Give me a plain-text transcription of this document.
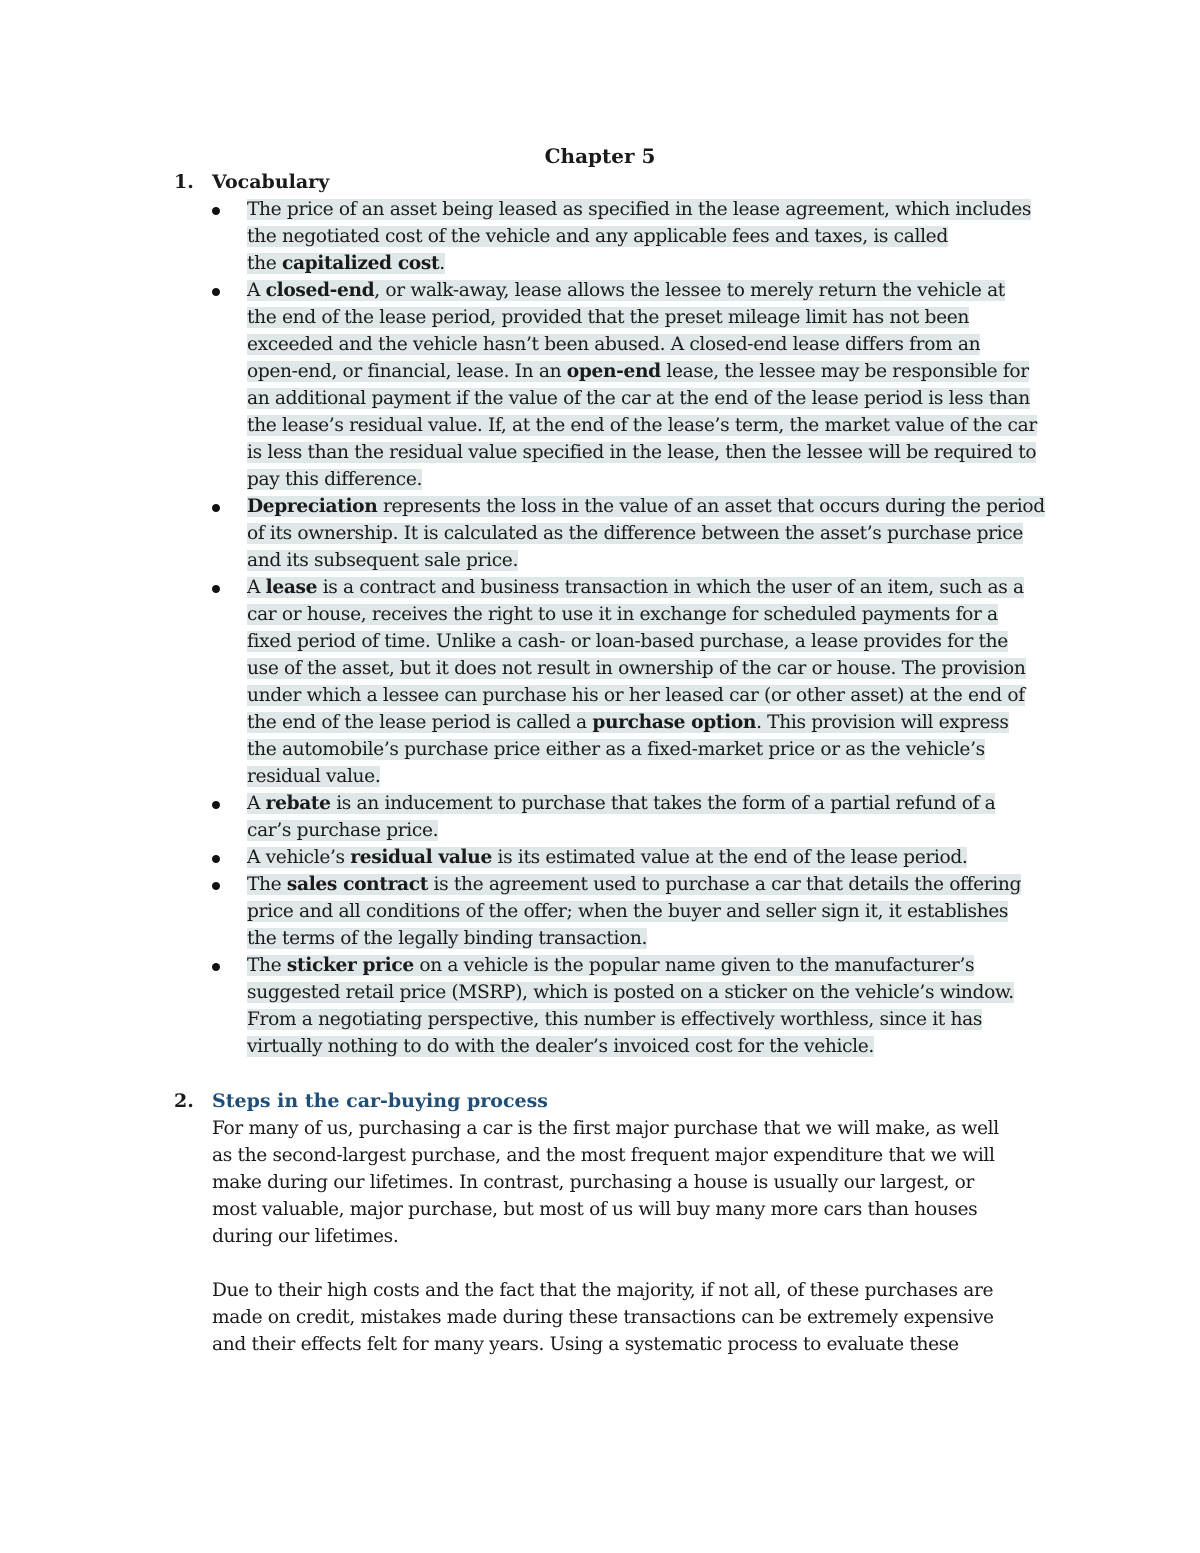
Chapter 5
1. Vocabulary
The price of an asset being leased as specified in the lease agreement, which includes
the negotiated cost of the vehicle and any applicable fees and taxes, is called
the capitalized cost.
A closed-end, or walk-away, lease allows the lessee to merely return the vehicle at
the end of the lease period, provided that the preset mileage limit has not been
exceeded and the vehicle hasn’t been abused. A closed-end lease differs from an
open-end, or financial, lease. In an open-end lease, the lessee may be responsible for
an additional payment if the value of the car at the end of the lease period is less than
the lease’s residual value. If, at the end of the lease’s term, the market value of the car
is less than the residual value specified in the lease, then the lessee will be required to
pay this difference.
Depreciation represents the loss in the value of an asset that occurs during the period
of its ownership. It is calculated as the difference between the asset’s purchase price
and its subsequent sale price.
A lease is a contract and business transaction in which the user of an item, such as a
car or house, receives the right to use it in exchange for scheduled payments for a
fixed period of time. Unlike a cash- or loan-based purchase, a lease provides for the
use of the asset, but it does not result in ownership of the car or house. The provision
under which a lessee can purchase his or her leased car (or other asset) at the end of
the end of the lease period is called a purchase option. This provision will express
the automobile’s purchase price either as a fixed-market price or as the vehicle’s
residual value.
A rebate is an inducement to purchase that takes the form of a partial refund of a
car’s purchase price.
A vehicle’s residual value is its estimated value at the end of the lease period.
The sales contract is the agreement used to purchase a car that details the offering
price and all conditions of the offer; when the buyer and seller sign it, it establishes
the terms of the legally binding transaction.
The sticker price on a vehicle is the popular name given to the manufacturer’s
suggested retail price (MSRP), which is posted on a sticker on the vehicle’s window.
From a negotiating perspective, this number is effectively worthless, since it has
virtually nothing to do with the dealer’s invoiced cost for the vehicle.
2. Steps in the car-buying process
For many of us, purchasing a car is the first major purchase that we will make, as well
as the second-largest purchase, and the most frequent major expenditure that we will
make during our lifetimes. In contrast, purchasing a house is usually our largest, or
most valuable, major purchase, but most of us will buy many more cars than houses
during our lifetimes.
Due to their high costs and the fact that the majority, if not all, of these purchases are
made on credit, mistakes made during these transactions can be extremely expensive
and their effects felt for many years. Using a systematic process to evaluate these
